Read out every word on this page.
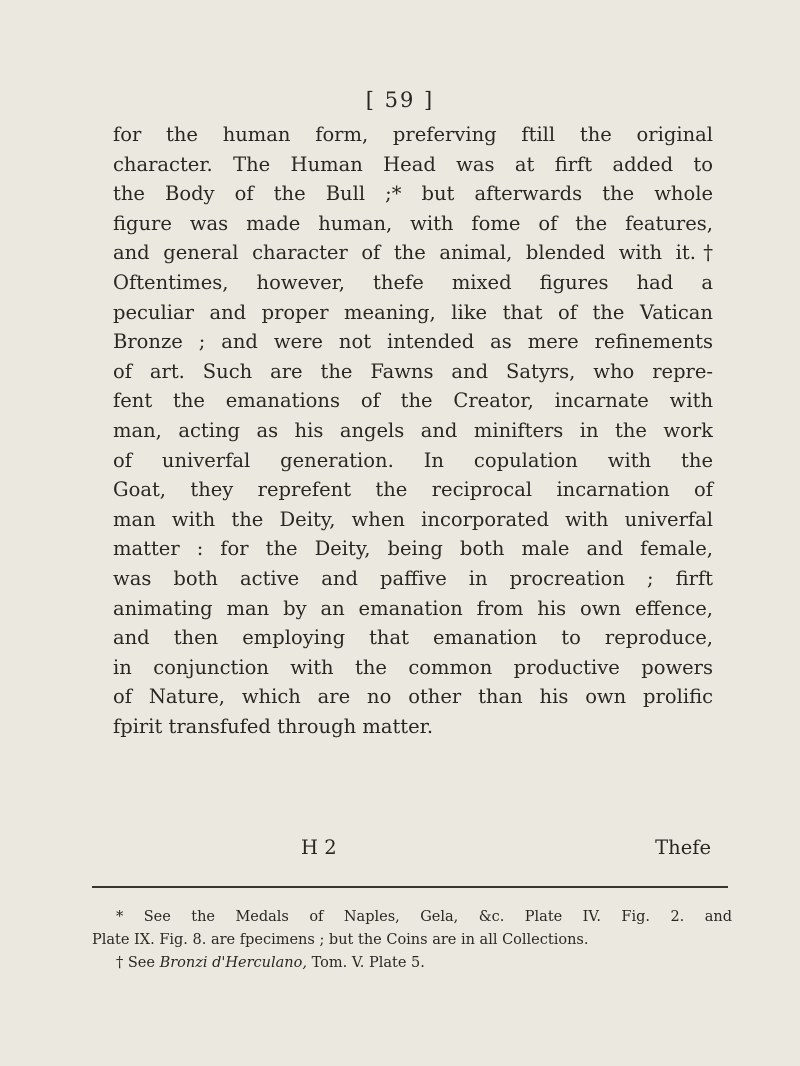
[ 59 ]
for the human form, preferving ftill the original
character. The Human Head was at firft added to
the Body of the Bull ;* but afterwards the whole
figure was made human, with fome of the features,
and general character of the animal, blended with it.†
Oftentimes, however, thefe mixed figures had a
peculiar and proper meaning, like that of the Vatican
Bronze ; and were not intended as mere refinements
of art. Such are the Fawns and Satyrs, who repre-
fent the emanations of the Creator, incarnate with
man, acting as his angels and minifters in the work
of univerfal generation. In copulation with the
Goat, they reprefent the reciprocal incarnation of
man with the Deity, when incorporated with univerfal
matter : for the Deity, being both male and female,
was both active and paffive in procreation ; firft
animating man by an emanation from his own effence,
and then employing that emanation to reproduce,
in conjunction with the common productive powers
of Nature, which are no other than his own prolific
fpirit transfufed through matter.
H 2	Thefe
* See the Medals of Naples, Gela, &c. Plate IV. Fig. 2. and
Plate IX. Fig. 8. are fpecimens ; but the Coins are in all Collections.
† See Bronzi d'Herculano, Tom. V. Plate 5.
